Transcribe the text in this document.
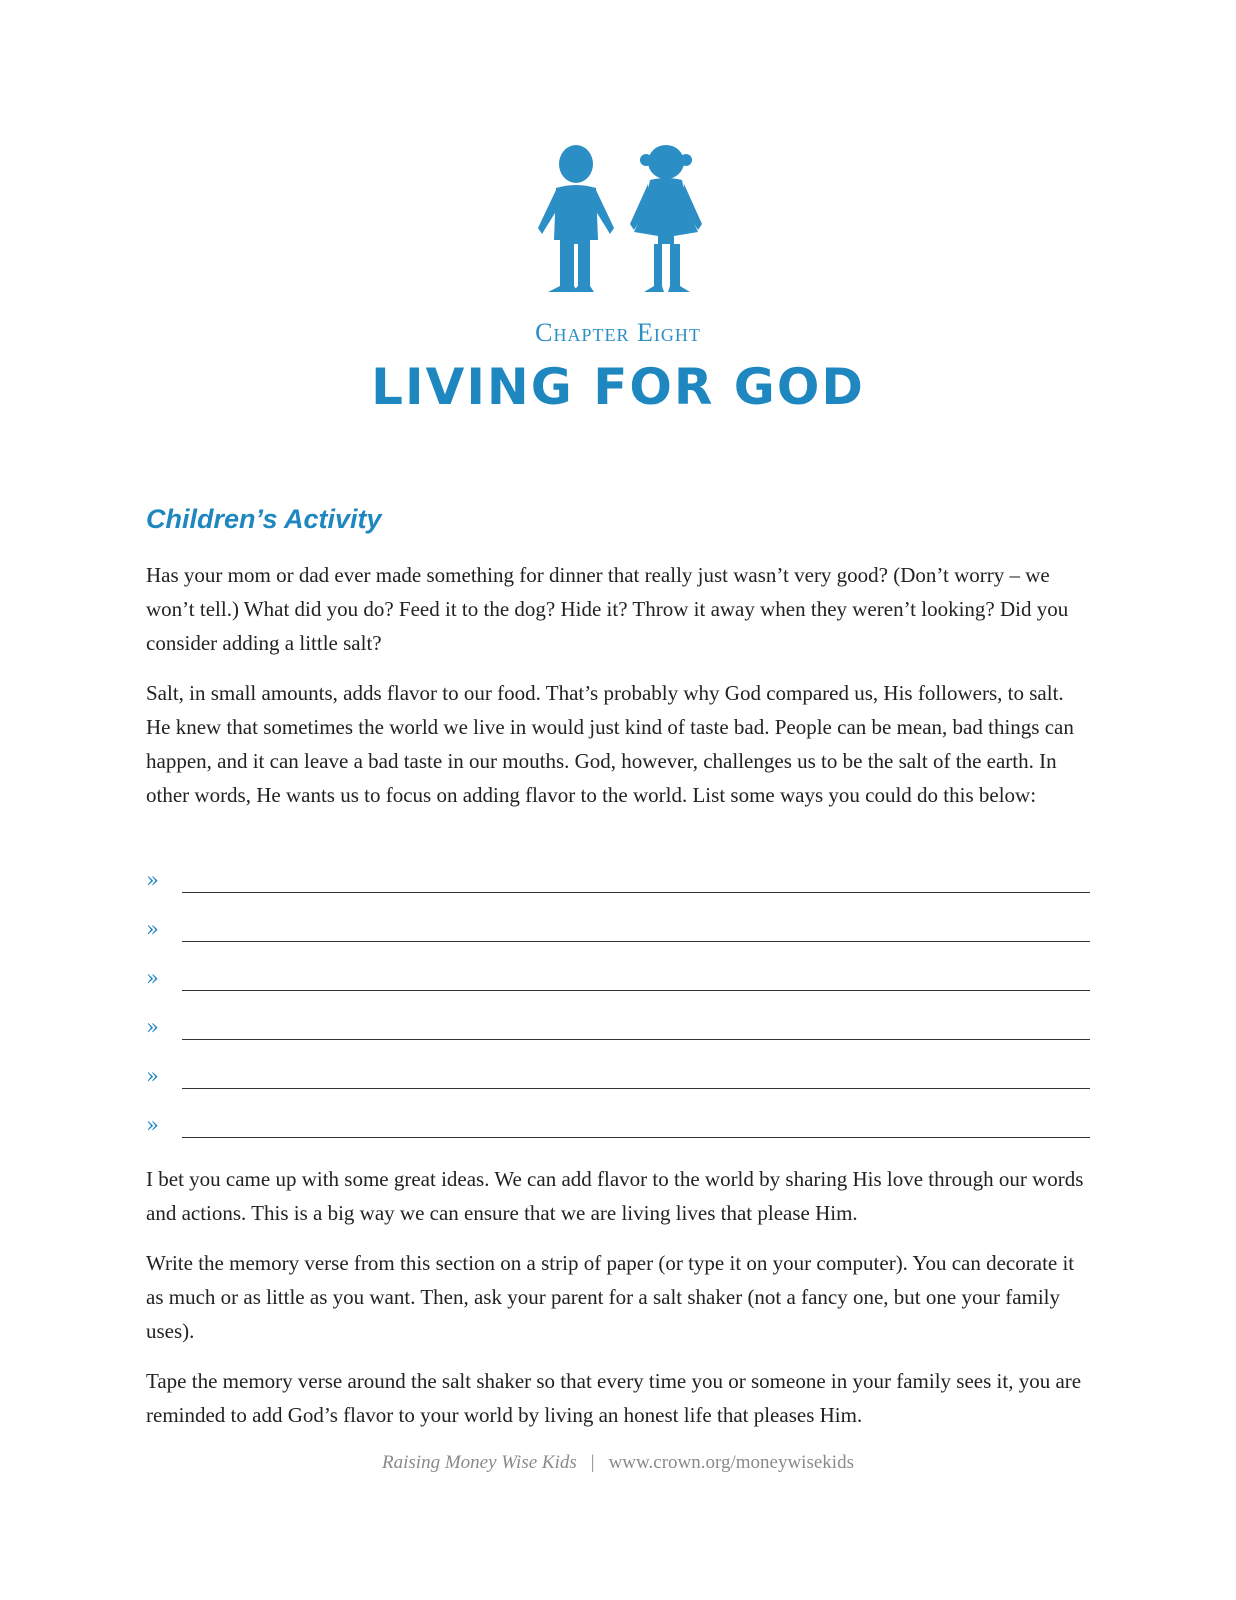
Chapter Eight
LIVING FOR GOD
Children’s Activity

Has your mom or dad ever made something for dinner that really just wasn’t very good? (Don’t worry – we won’t tell.) What did you do? Feed it to the dog? Hide it? Throw it away when they weren’t looking? Did you consider adding a little salt?

Salt, in small amounts, adds flavor to our food. That’s probably why God compared us, His followers, to salt. He knew that sometimes the world we live in would just kind of taste bad. People can be mean, bad things can happen, and it can leave a bad taste in our mouths. God, however, challenges us to be the salt of the earth. In other words, He wants us to focus on adding flavor to the world. List some ways you could do this below:

»
»
»
»
»
»

I bet you came up with some great ideas. We can add flavor to the world by sharing His love through our words and actions. This is a big way we can ensure that we are living lives that please Him.

Write the memory verse from this section on a strip of paper (or type it on your computer). You can decorate it as much or as little as you want. Then, ask your parent for a salt shaker (not a fancy one, but one your family uses).

Tape the memory verse around the salt shaker so that every time you or someone in your family sees it, you are reminded to add God’s flavor to your world by living an honest life that pleases Him.

Raising Money Wise Kids | www.crown.org/moneywisekids
